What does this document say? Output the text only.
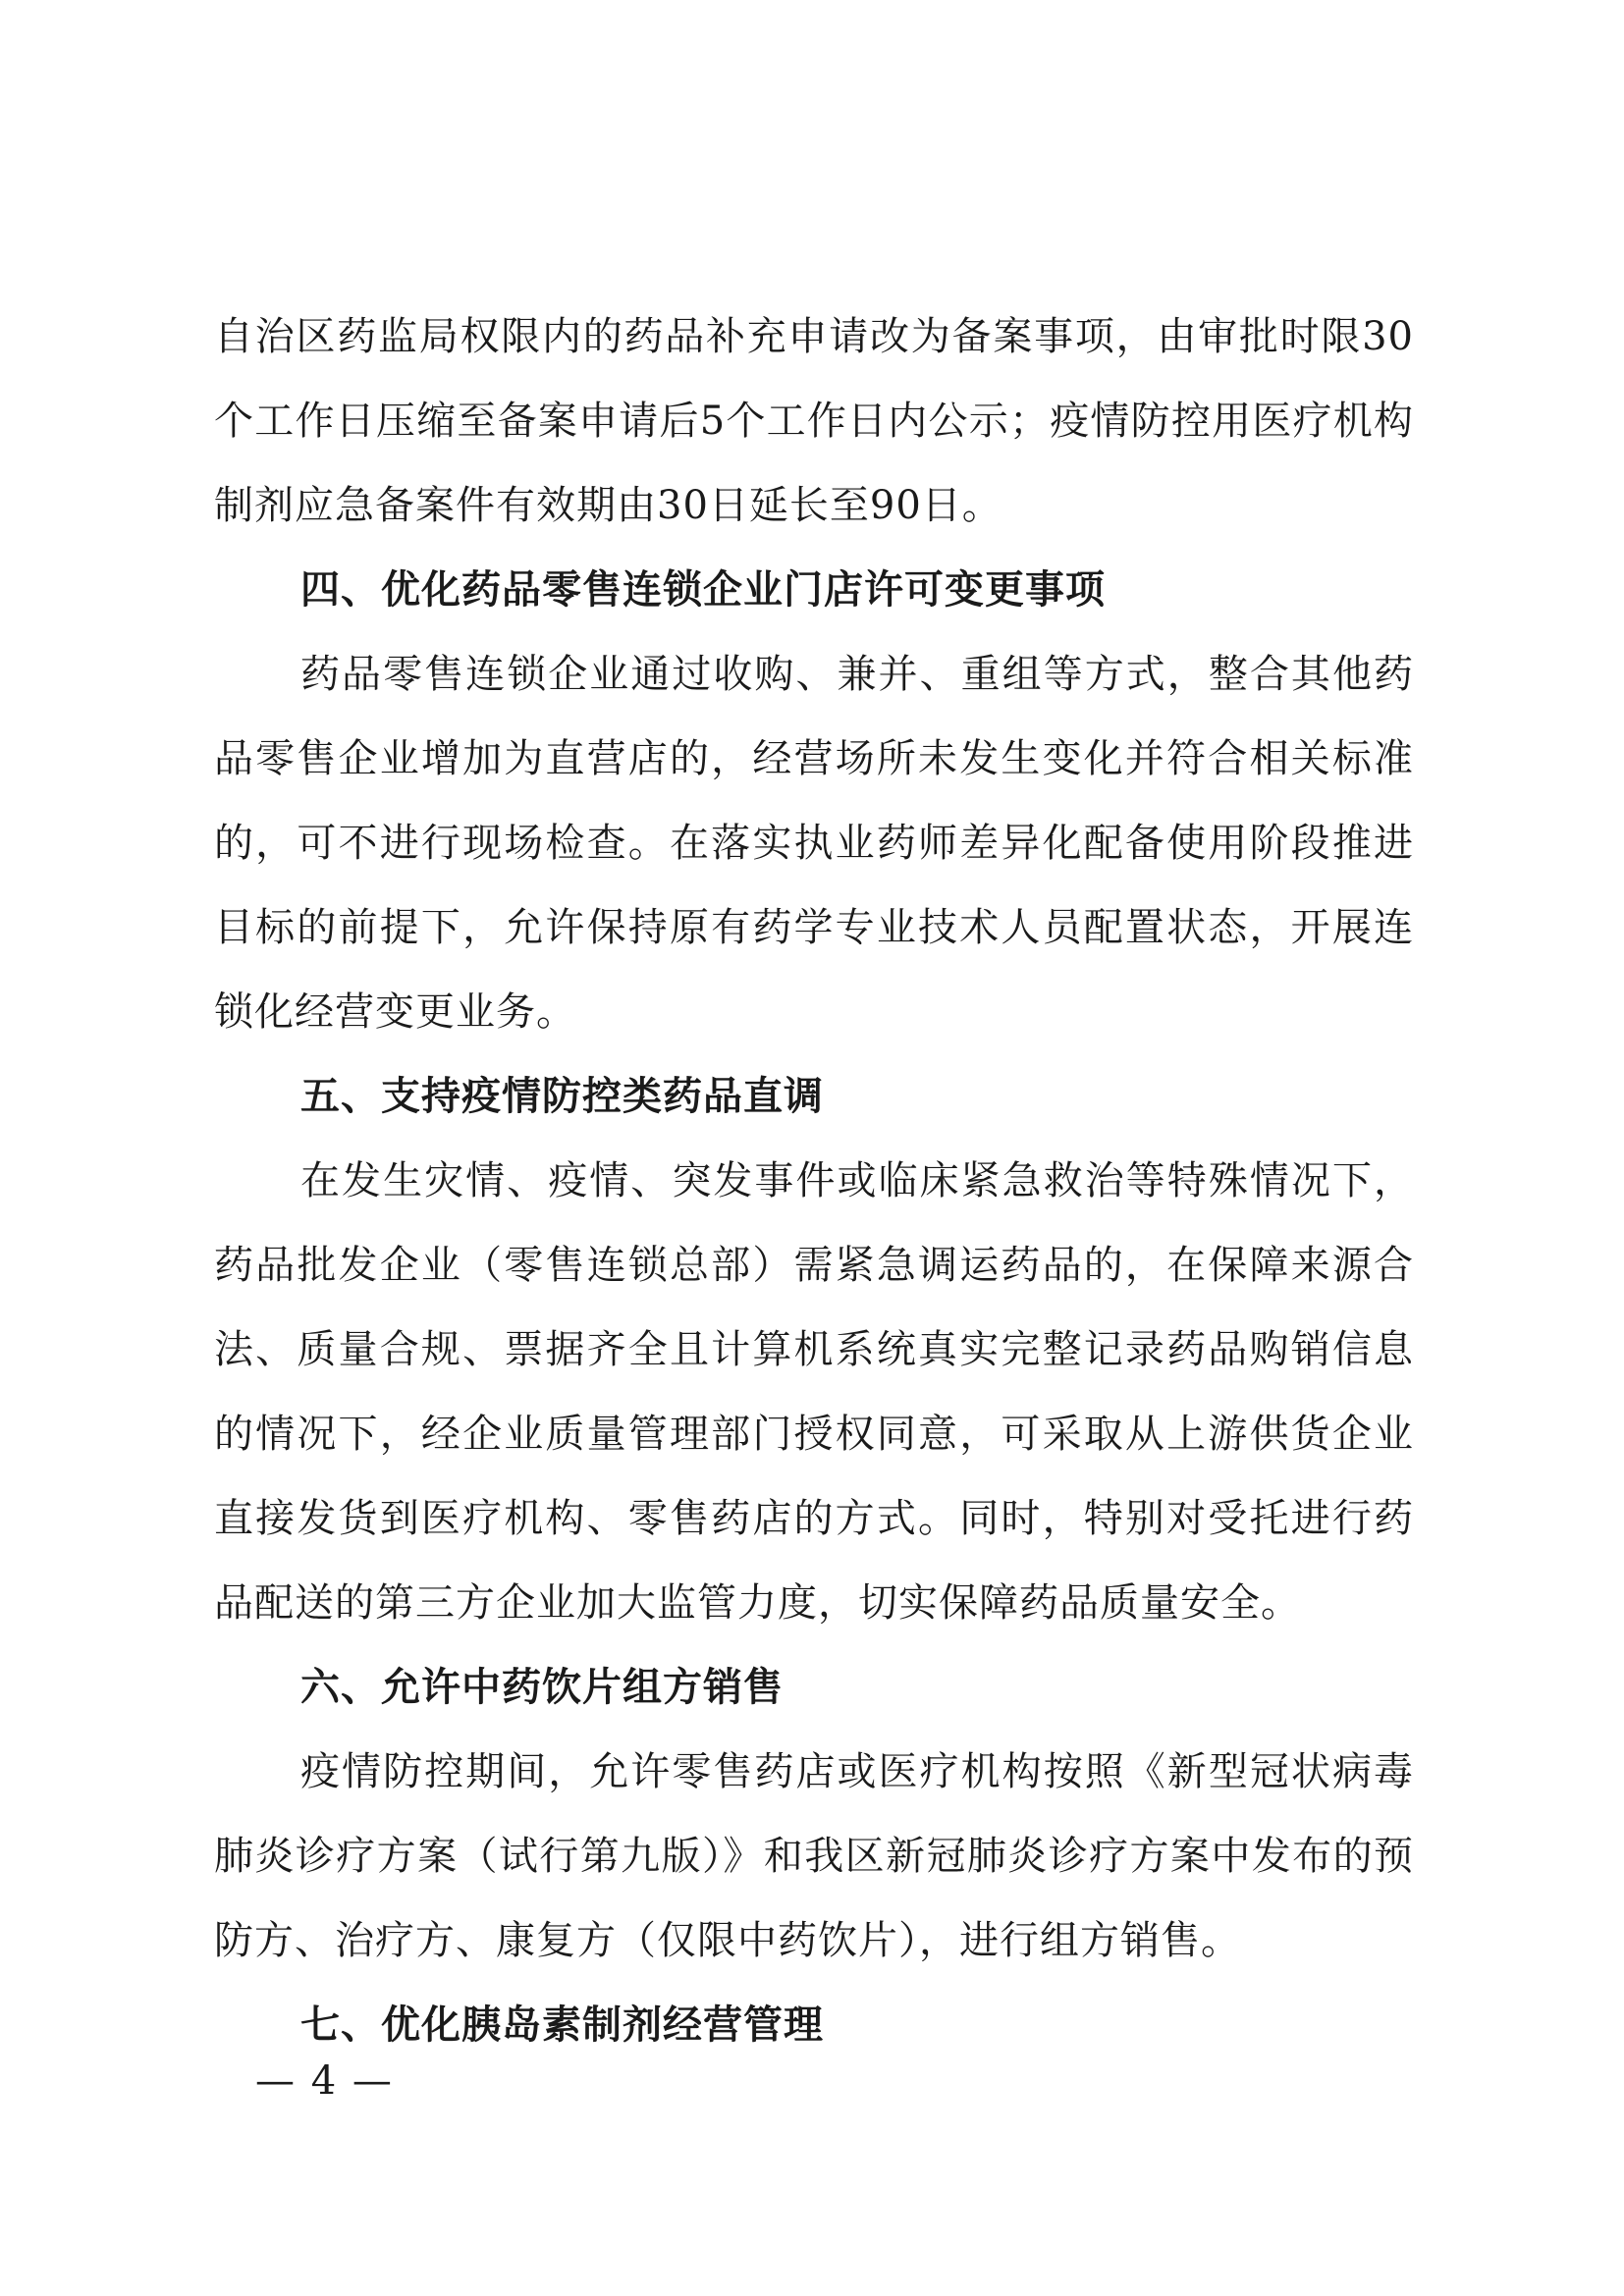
自治区药监局权限内的药品补充申请改为备案事项，由审批时限30个工作日压缩至备案申请后5个工作日内公示；疫情防控用医疗机构制剂应急备案件有效期由30日延长至90日。

四、优化药品零售连锁企业门店许可变更事项

药品零售连锁企业通过收购、兼并、重组等方式，整合其他药品零售企业增加为直营店的，经营场所未发生变化并符合相关标准的，可不进行现场检查。在落实执业药师差异化配备使用阶段推进目标的前提下，允许保持原有药学专业技术人员配置状态，开展连锁化经营变更业务。

五、支持疫情防控类药品直调

在发生灾情、疫情、突发事件或临床紧急救治等特殊情况下，药品批发企业（零售连锁总部）需紧急调运药品的，在保障来源合法、质量合规、票据齐全且计算机系统真实完整记录药品购销信息的情况下，经企业质量管理部门授权同意，可采取从上游供货企业直接发货到医疗机构、零售药店的方式。同时，特别对受托进行药品配送的第三方企业加大监管力度，切实保障药品质量安全。

六、允许中药饮片组方销售

疫情防控期间，允许零售药店或医疗机构按照《新型冠状病毒肺炎诊疗方案（试行第九版）》和我区新冠肺炎诊疗方案中发布的预防方、治疗方、康复方（仅限中药饮片），进行组方销售。

七、优化胰岛素制剂经营管理

— 4 —
